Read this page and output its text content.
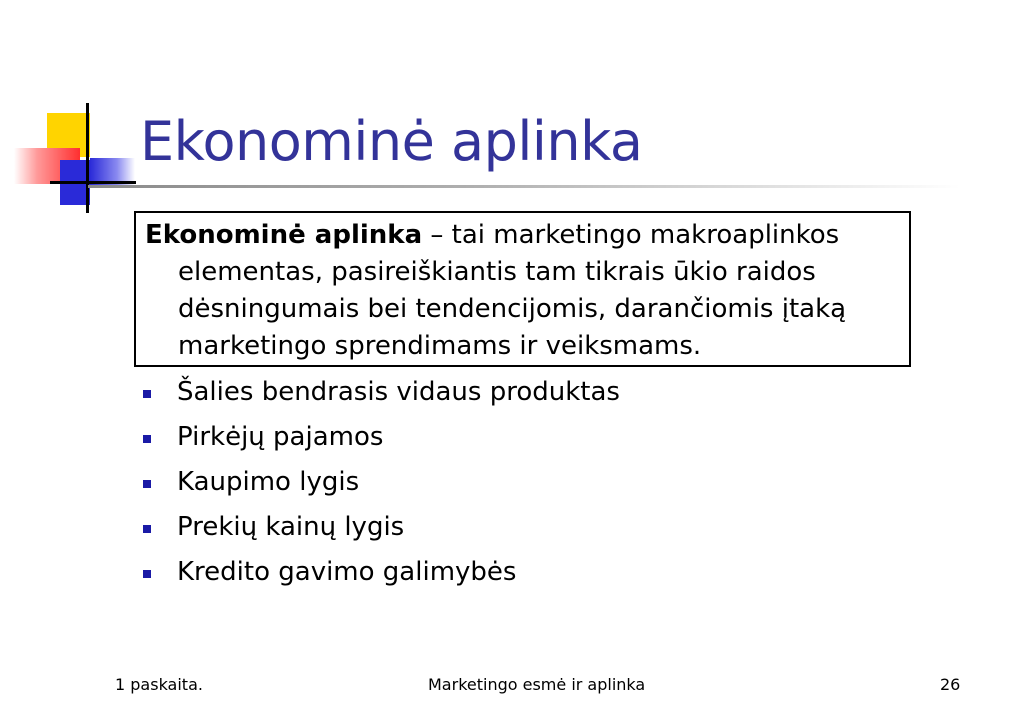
Ekonominė aplinka
Ekonominė aplinka – tai marketingo makroaplinkos
elementas, pasireiškiantis tam tikrais ūkio raidos
dėsningumais bei tendencijomis, darančiomis įtaką
marketingo sprendimams ir veiksmams.
Šalies bendrasis vidaus produktas
Pirkėjų pajamos
Kaupimo lygis
Prekių kainų lygis
Kredito gavimo galimybės
1 paskaita.	Marketingo esmė ir aplinka	26
